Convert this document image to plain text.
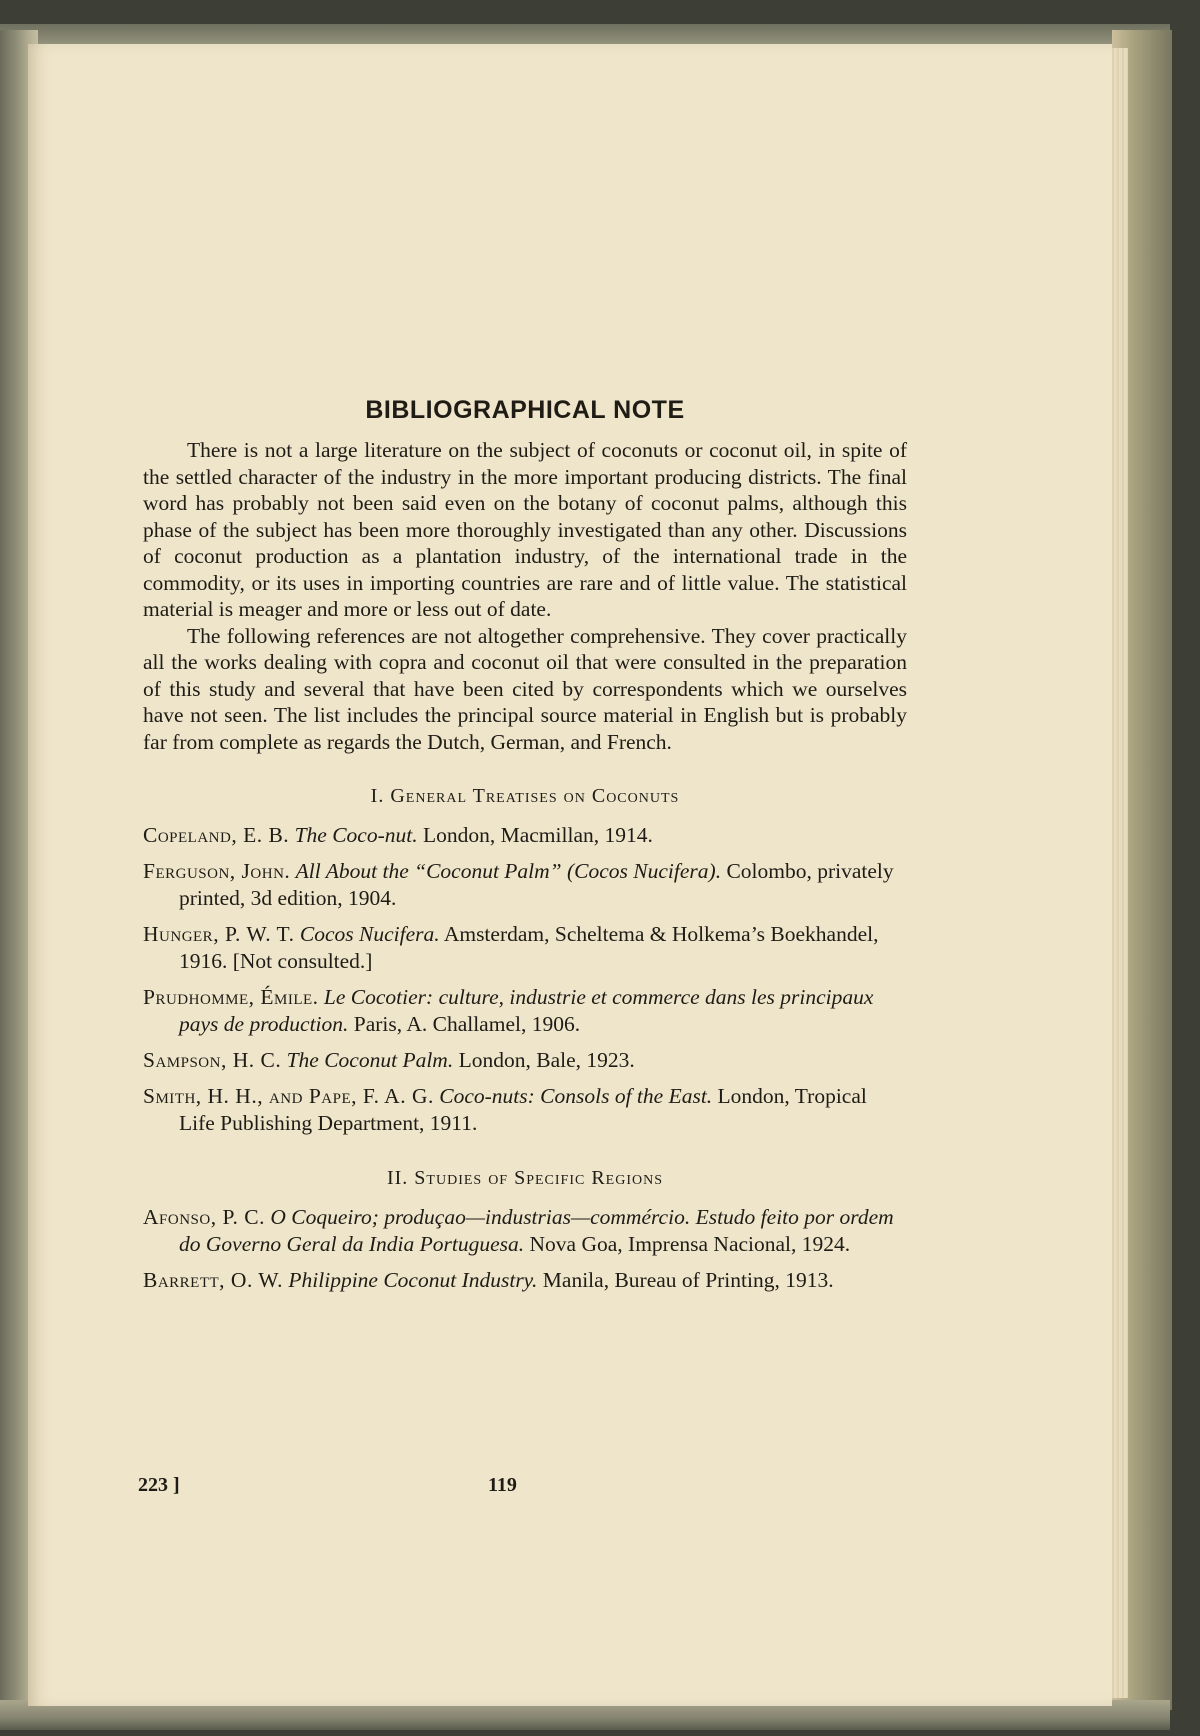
BIBLIOGRAPHICAL NOTE

There is not a large literature on the subject of coconuts or coconut oil, in spite of the settled character of the industry in the more important producing districts. The final word has probably not been said even on the botany of coconut palms, although this phase of the subject has been more thoroughly investigated than any other. Discussions of coconut production as a plantation industry, of the international trade in the commodity, or its uses in importing countries are rare and of little value. The statistical material is meager and more or less out of date.

The following references are not altogether comprehensive. They cover practically all the works dealing with copra and coconut oil that were consulted in the preparation of this study and several that have been cited by correspondents which we ourselves have not seen. The list includes the principal source material in English but is probably far from complete as regards the Dutch, German, and French.

I. General Treatises on Coconuts

Copeland, E. B. The Coco-nut. London, Macmillan, 1914.

Ferguson, John. All About the “Coconut Palm” (Cocos Nucifera). Colombo, privately printed, 3d edition, 1904.

Hunger, P. W. T. Cocos Nucifera. Amsterdam, Scheltema & Holkema’s Boekhandel, 1916. [Not consulted.]

Prudhomme, Émile. Le Cocotier: culture, industrie et commerce dans les principaux pays de production. Paris, A. Challamel, 1906.

Sampson, H. C. The Coconut Palm. London, Bale, 1923.

Smith, H. H., and Pape, F. A. G. Coco-nuts: Consols of the East. London, Tropical Life Publishing Department, 1911.

II. Studies of Specific Regions

Afonso, P. C. O Coqueiro; produçao—industrias—commércio. Estudo feito por ordem do Governo Geral da India Portuguesa. Nova Goa, Imprensa Nacional, 1924.

Barrett, O. W. Philippine Coconut Industry. Manila, Bureau of Printing, 1913.

223 ]	119
